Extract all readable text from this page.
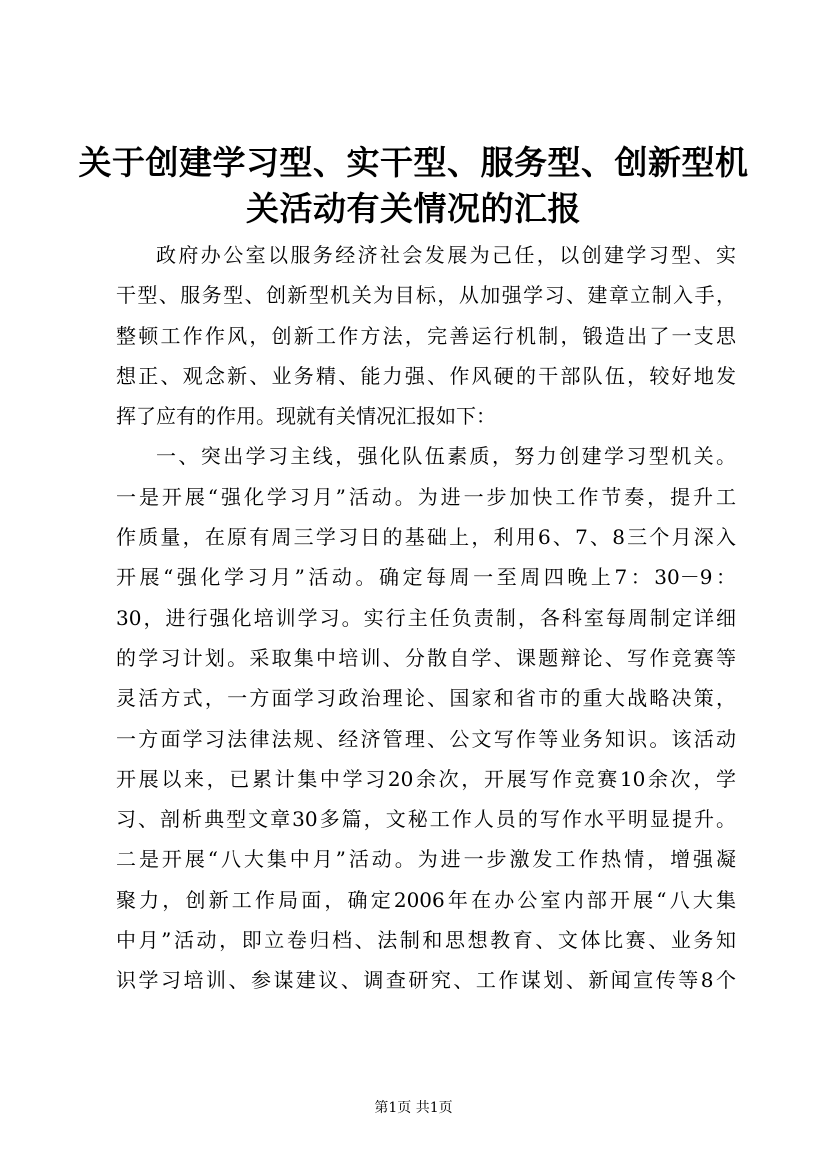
关于创建学习型、实干型、服务型、创新型机
关活动有关情况的汇报
政府办公室以服务经济社会发展为己任，以创建学习型、实
干型、服务型、创新型机关为目标，从加强学习、建章立制入手，
整顿工作作风，创新工作方法，完善运行机制，锻造出了一支思
想正、观念新、业务精、能力强、作风硬的干部队伍，较好地发
挥了应有的作用。现就有关情况汇报如下：
一、突出学习主线，强化队伍素质，努力创建学习型机关。
一是开展“强化学习月”活动。为进一步加快工作节奏，提升工
作质量，在原有周三学习日的基础上，利用6、7、8三个月深入
开展“强化学习月”活动。确定每周一至周四晚上7：30－9：
30，进行强化培训学习。实行主任负责制，各科室每周制定详细
的学习计划。采取集中培训、分散自学、课题辩论、写作竞赛等
灵活方式，一方面学习政治理论、国家和省市的重大战略决策，
一方面学习法律法规、经济管理、公文写作等业务知识。该活动
开展以来，已累计集中学习20余次，开展写作竞赛10余次，学
习、剖析典型文章30多篇，文秘工作人员的写作水平明显提升。
二是开展“八大集中月”活动。为进一步激发工作热情，增强凝
聚力，创新工作局面，确定2006年在办公室内部开展“八大集
中月”活动，即立卷归档、法制和思想教育、文体比赛、业务知
识学习培训、参谋建议、调查研究、工作谋划、新闻宣传等8个
第1页 共1页
